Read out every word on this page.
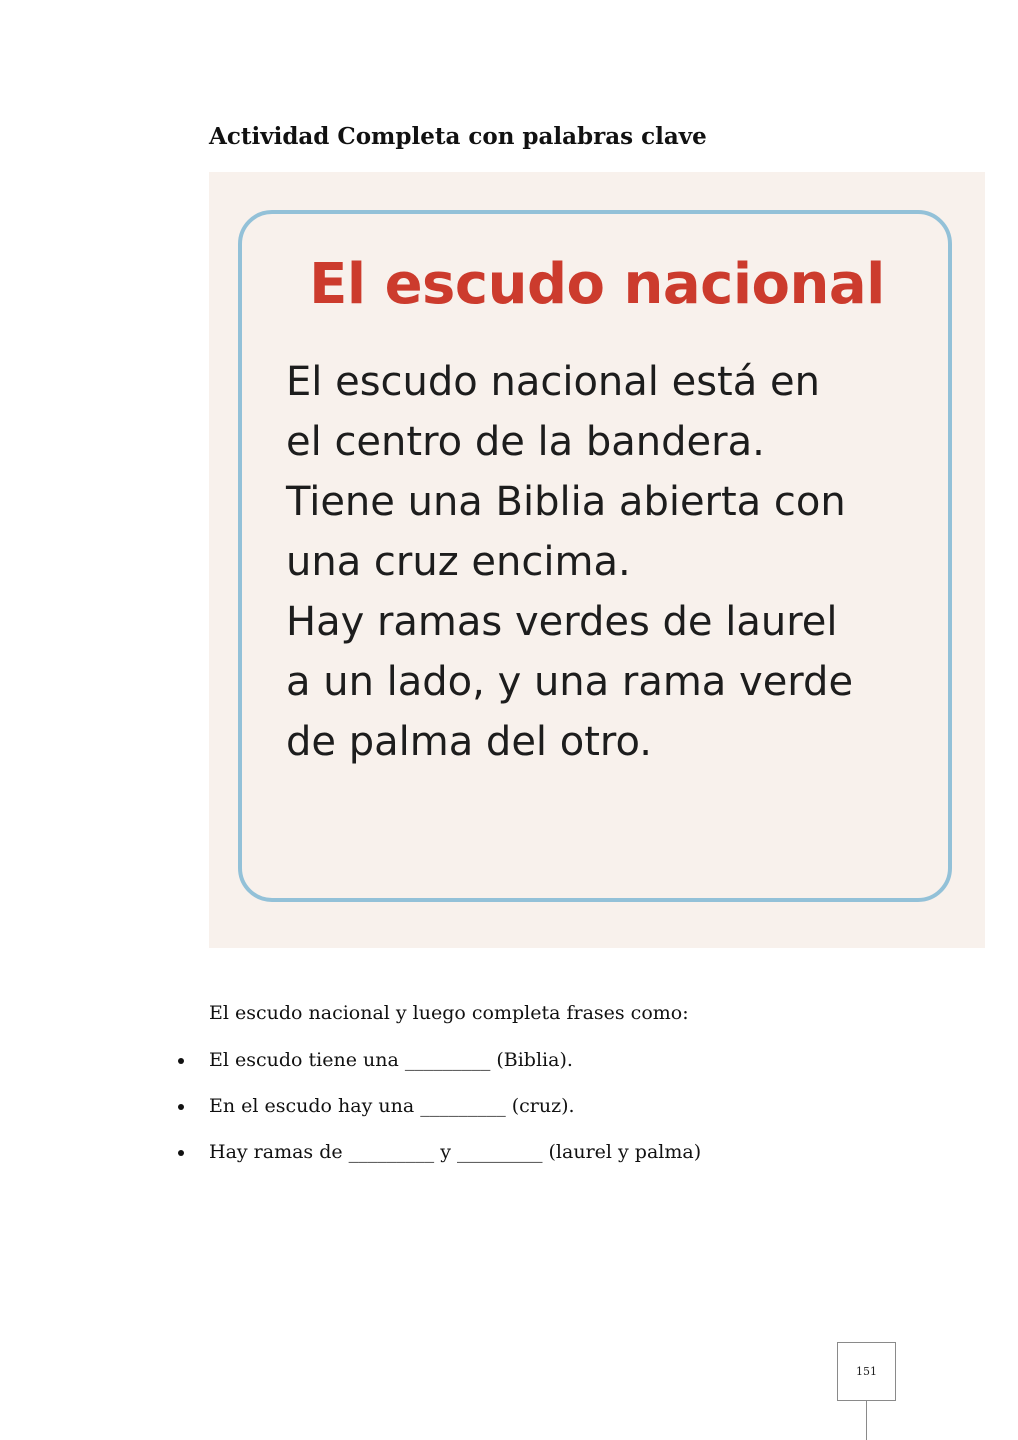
Actividad Completa con palabras clave
El escudo nacional
El escudo nacional está en
el centro de la bandera.
Tiene una Biblia abierta con
una cruz encima.
Hay ramas verdes de laurel
a un lado, y una rama verde
de palma del otro.
El escudo nacional y luego completa frases como:
El escudo tiene una _________ (Biblia).
En el escudo hay una _________ (cruz).
Hay ramas de _________ y _________ (laurel y palma)
151
